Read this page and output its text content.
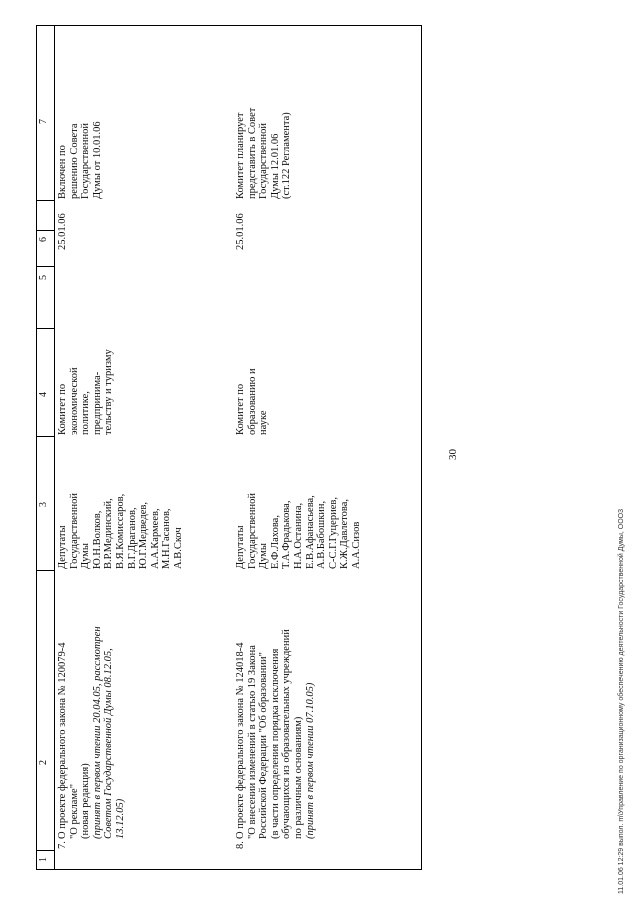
30
1
2
3
4
5
6
7
7.
О проекте федерального закона № 120079-4
"О рекламе"
(новая редакция)
(принят в первом чтении 20.04.05, рассмотрен
Советом Государственной Думы 08.12.05,
13.12.05)
Депутаты
Государственной
Думы
Ю.Н.Волков,
В.Р.Мединский,
В.Я.Комиссаров,
В.Г.Драганов,
Ю.Г.Медведев,
А.А.Кармеев,
М.Н.Гасанов,
А.В.Скоч
Комитет по
экономической
политике,
предпринима-
тельству и туризму
25.01.06
Включен по
решению Совета
Государственной
Думы от 10.01.06
8.
О проекте федерального закона № 124018-4
"О внесении изменений в статью 19 Закона
Российской Федерации "Об образовании"
(в части определения порядка исключения
обучающихся из образовательных учреждений
по различным основаниям) (принят в первом чтении 07.10.05)
Депутаты
Государственной
Думы
Е.Ф.Лахова,
Т.А.Фрадькова,
Н.А.Останина,
Е.В.Афанасьева,
А.В.Бабошкин,
С-С.Г.Гуцериев,
К.Ж.Давлетова,
А.А.Сизов
Комитет по
образованию и
науке
25.01.06
Комитет планирует
представить в Совет
Государственной
Думы 12.01.06
(ст.122 Регламента)
11.01.06 12:29 выпол. m\Управление по организационному обеспечению деятельности Государственной Думы, ООО3
